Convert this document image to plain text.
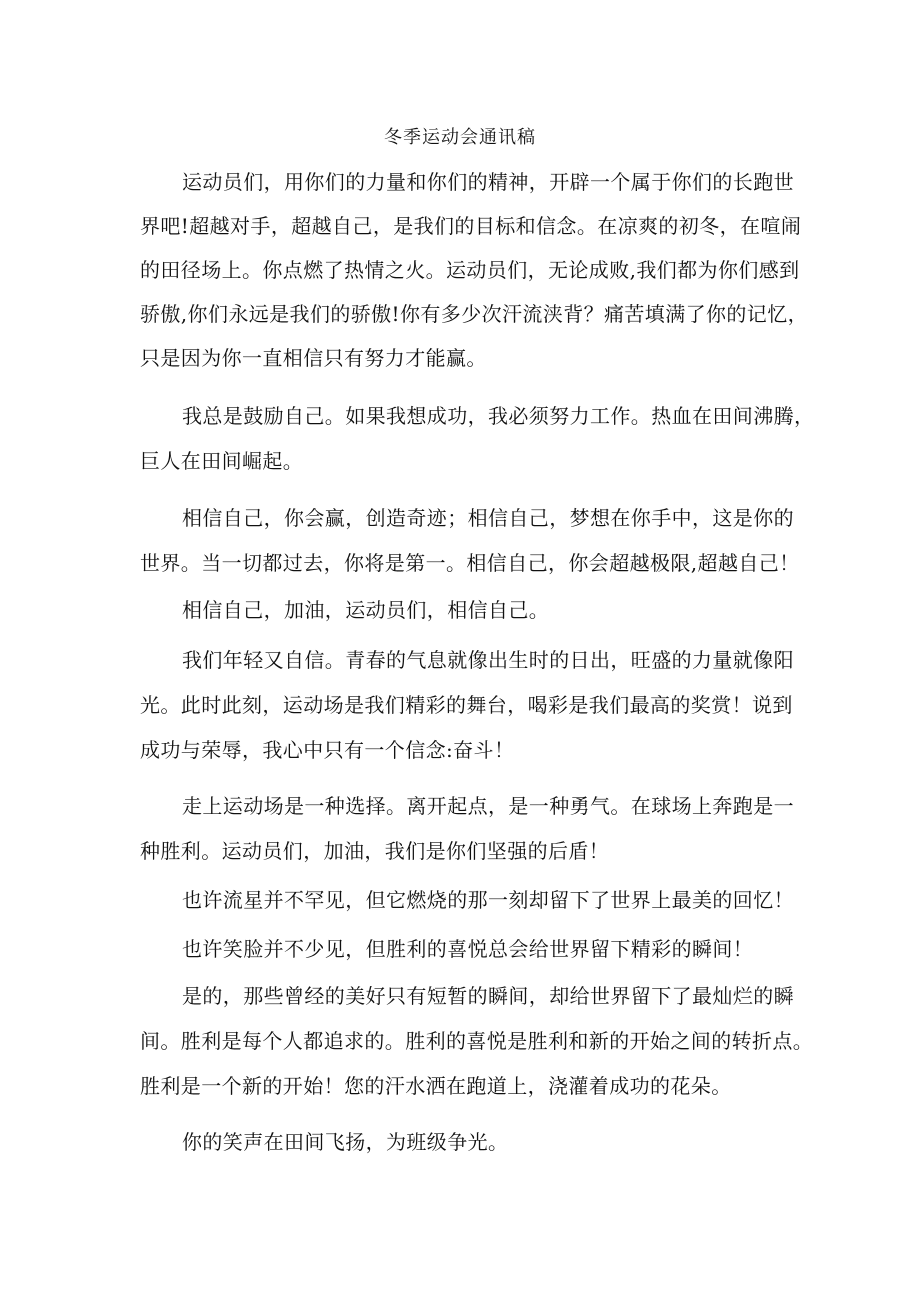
冬季运动会通讯稿
运动员们，用你们的力量和你们的精神，开辟一个属于你们的长跑世
界吧!超越对手，超越自己，是我们的目标和信念。在凉爽的初冬，在喧闹
的田径场上。你点燃了热情之火。运动员们，无论成败,我们都为你们感到
骄傲,你们永远是我们的骄傲!你有多少次汗流浃背？痛苦填满了你的记忆，
只是因为你一直相信只有努力才能赢。
我总是鼓励自己。如果我想成功，我必须努力工作。热血在田间沸腾，
巨人在田间崛起。
相信自己，你会赢，创造奇迹；相信自己，梦想在你手中，这是你的
世界。当一切都过去，你将是第一。相信自己，你会超越极限,超越自己！
相信自己，加油，运动员们，相信自己。
我们年轻又自信。青春的气息就像出生时的日出，旺盛的力量就像阳
光。此时此刻，运动场是我们精彩的舞台，喝彩是我们最高的奖赏！说到
成功与荣辱，我心中只有一个信念:奋斗！
走上运动场是一种选择。离开起点，是一种勇气。在球场上奔跑是一
种胜利。运动员们，加油，我们是你们坚强的后盾！
也许流星并不罕见，但它燃烧的那一刻却留下了世界上最美的回忆！
也许笑脸并不少见，但胜利的喜悦总会给世界留下精彩的瞬间！
是的，那些曾经的美好只有短暂的瞬间，却给世界留下了最灿烂的瞬
间。胜利是每个人都追求的。胜利的喜悦是胜利和新的开始之间的转折点。
胜利是一个新的开始！您的汗水洒在跑道上，浇灌着成功的花朵。
你的笑声在田间飞扬，为班级争光。
